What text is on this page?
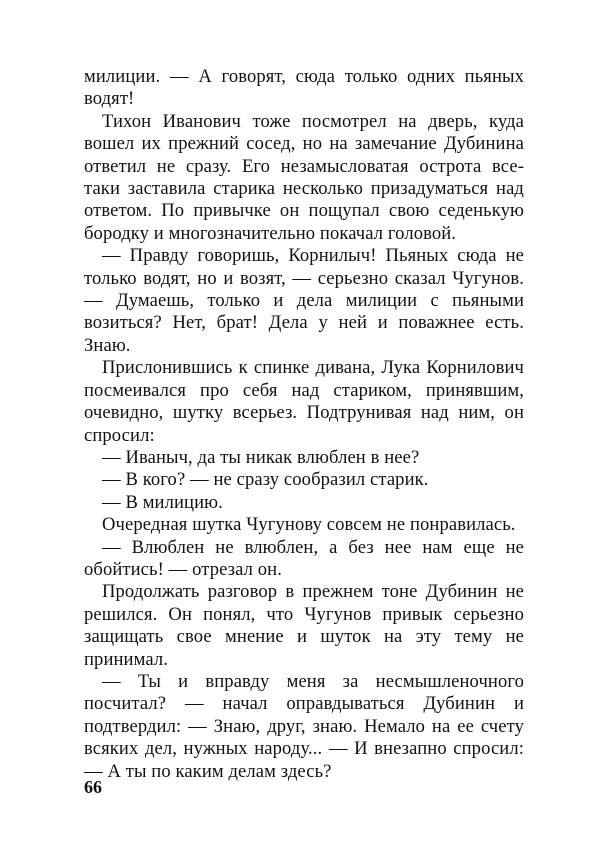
милиции. — А говорят, сюда только одних пьяных водят!

Тихон Иванович тоже посмотрел на дверь, куда вошел их прежний сосед, но на замечание Дубинина ответил не сразу. Его незамысловатая острота все-таки заставила старика несколько призадуматься над ответом. По привычке он пощупал свою седенькую бородку и многозначительно покачал головой.

— Правду говоришь, Корнилыч! Пьяных сюда не только водят, но и возят, — серьезно сказал Чугунов. — Думаешь, только и дела милиции с пьяными возиться? Нет, брат! Дела у ней и поважнее есть. Знаю.

Прислонившись к спинке дивана, Лука Корнилович посмеивался про себя над стариком, принявшим, очевидно, шутку всерьез. Подтрунивая над ним, он спросил:

— Иваныч, да ты никак влюблен в нее?

— В кого? — не сразу сообразил старик.

— В милицию.

Очередная шутка Чугунову совсем не понравилась.

— Влюблен не влюблен, а без нее нам еще не обойтись! — отрезал он.

Продолжать разговор в прежнем тоне Дубинин не решился. Он понял, что Чугунов привык серьезно защищать свое мнение и шуток на эту тему не принимал.

— Ты и вправду меня за несмышленочного посчитал? — начал оправдываться Дубинин и подтвердил: — Знаю, друг, знаю. Немало на ее счету всяких дел, нужных народу... — И внезапно спросил: — А ты по каким делам здесь?

66
